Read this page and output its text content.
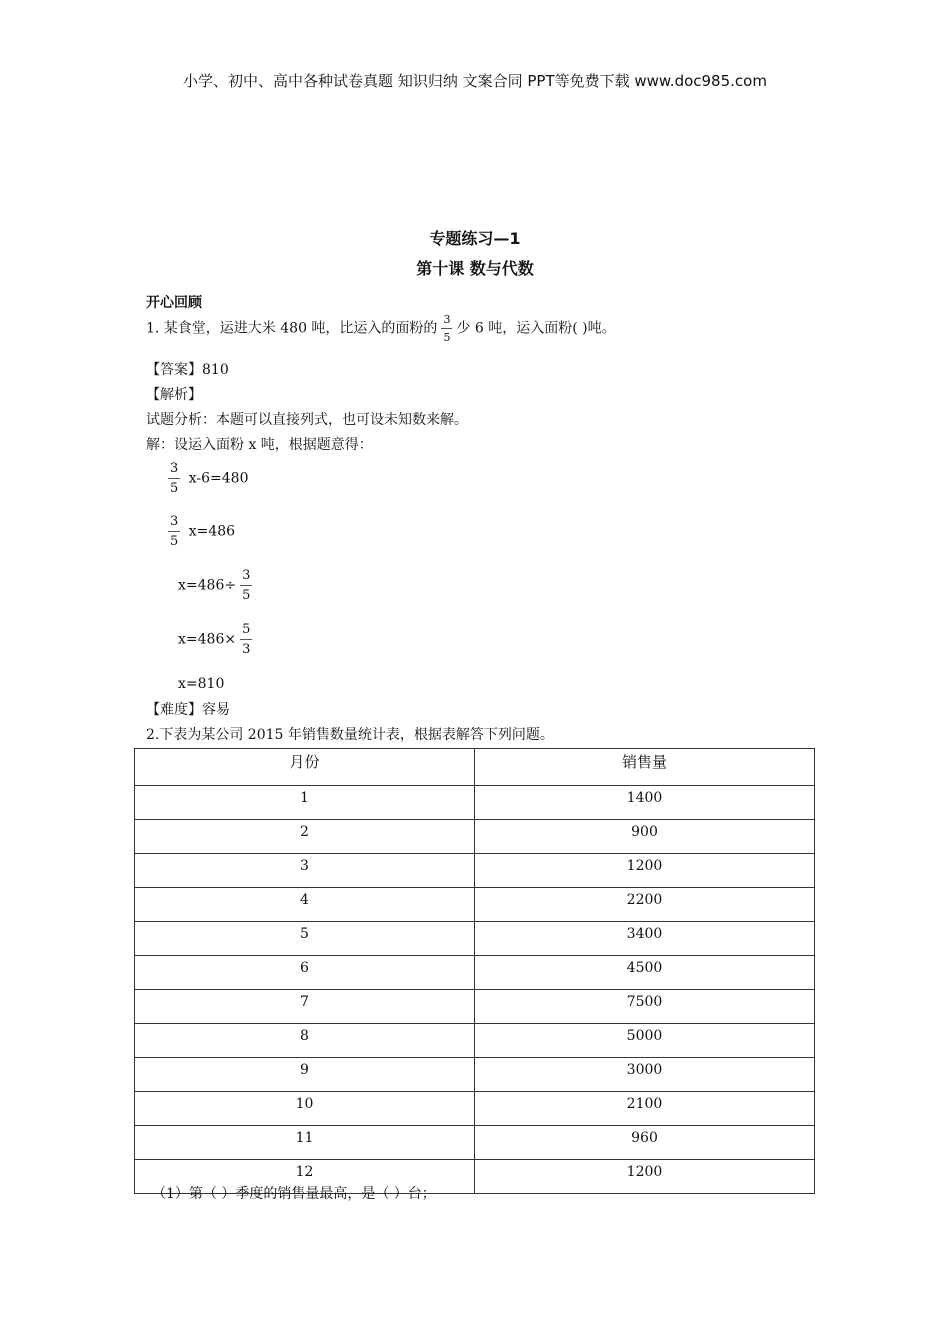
小学、初中、高中各种试卷真题 知识归纳 文案合同 PPT等免费下载 www.doc985.com
专题练习—1
第十课 数与代数
开心回顾
1. 某食堂，运进大米 480 吨，比运入的面粉的 $\frac{3}{5}$ 少 6 吨，运入面粉( )吨。
【答案】810
【解析】
试题分析：本题可以直接列式，也可设未知数来解。
解：设运入面粉 x 吨，根据题意得：
$\frac{3}{5} x-6=480$
$\frac{3}{5} x=486$
$x=486\div \frac{3}{5}$
$x=486\times \frac{5}{3}$
x=810
【难度】容易
2.下表为某公司 2015 年销售数量统计表，根据表解答下列问题。
月份	销售量
1	1400
2	900
3	1200
4	2200
5	3400
6	4500
7	7500
8	5000
9	3000
10	2100
11	960
12	1200
（1）第（ ）季度的销售量最高，是（ ）台；
